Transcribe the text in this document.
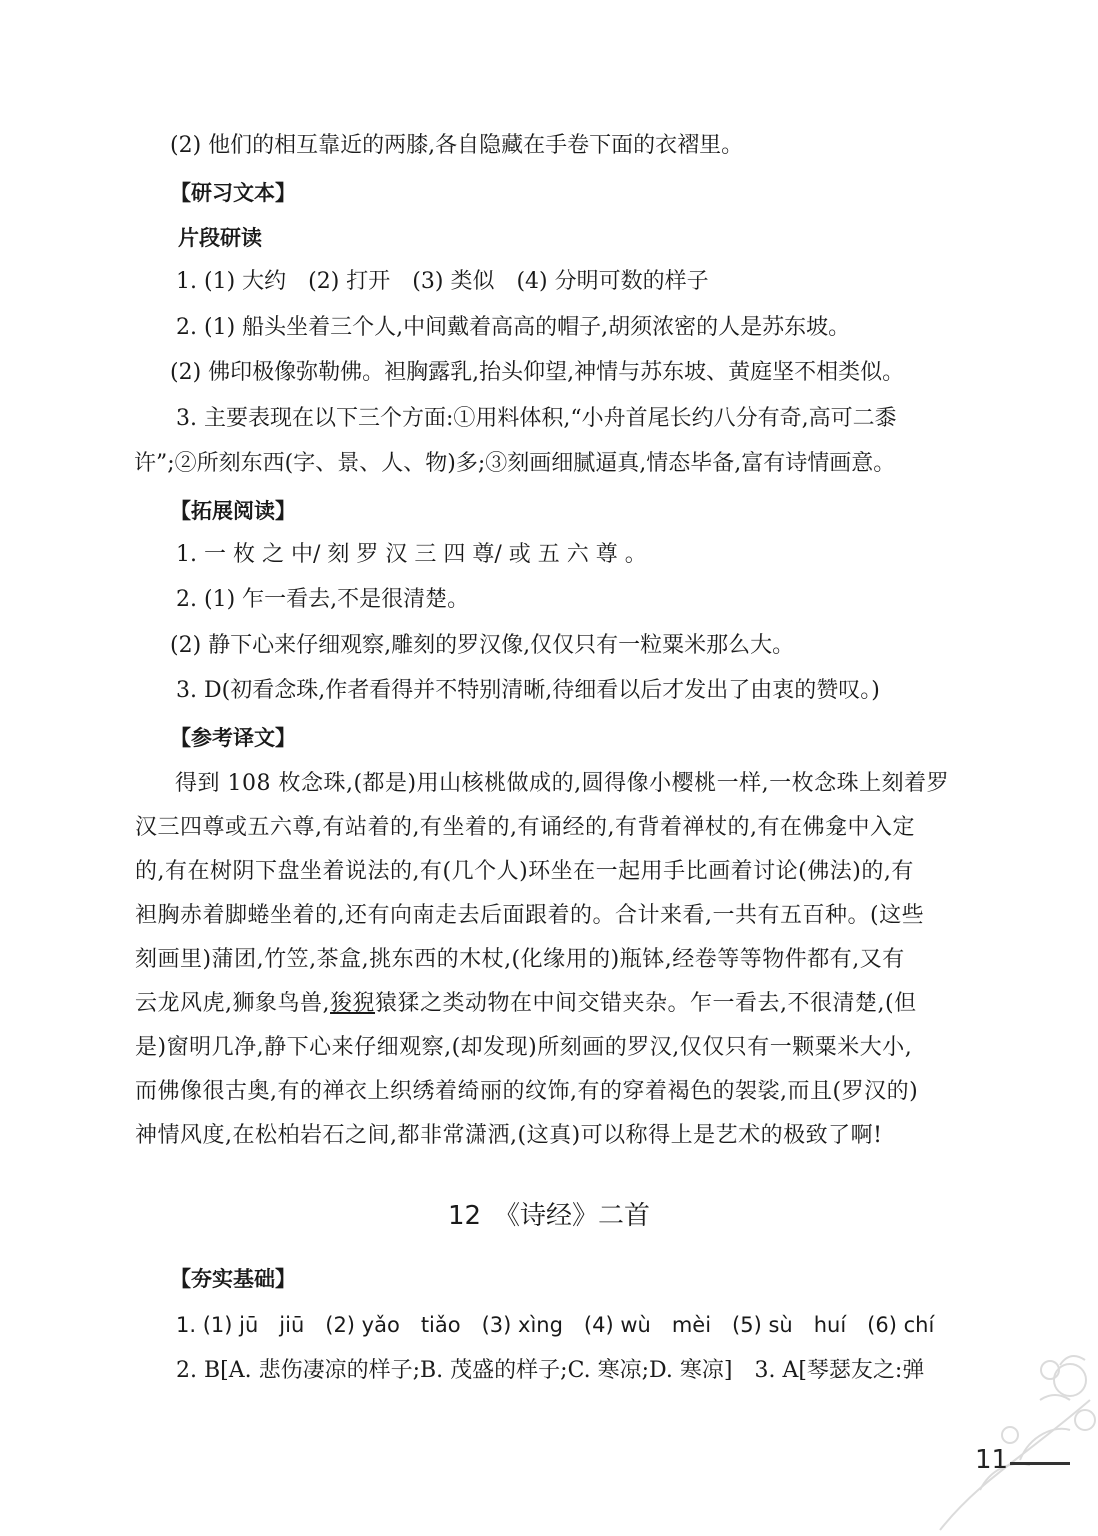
(2) 他们的相互靠近的两膝,各自隐藏在手卷下面的衣褶里。
【研习文本】
片段研读
1. (1) 大约　(2) 打开　(3) 类似　(4) 分明可数的样子
2. (1) 船头坐着三个人,中间戴着高高的帽子,胡须浓密的人是苏东坡。
(2) 佛印极像弥勒佛。袒胸露乳,抬头仰望,神情与苏东坡、黄庭坚不相类似。
3. 主要表现在以下三个方面:①用料体积,“小舟首尾长约八分有奇,高可二黍
许”;②所刻东西(字、景、人、物)多;③刻画细腻逼真,情态毕备,富有诗情画意。
【拓展阅读】
1. 一 枚 之 中/ 刻 罗 汉 三 四 尊/ 或 五 六 尊 。
2. (1) 乍一看去,不是很清楚。
(2) 静下心来仔细观察,雕刻的罗汉像,仅仅只有一粒粟米那么大。
3. D(初看念珠,作者看得并不特别清晰,待细看以后才发出了由衷的赞叹。)
【参考译文】
得到 108 枚念珠,(都是)用山核桃做成的,圆得像小樱桃一样,一枚念珠上刻着罗
汉三四尊或五六尊,有站着的,有坐着的,有诵经的,有背着禅杖的,有在佛龛中入定
的,有在树阴下盘坐着说法的,有(几个人)环坐在一起用手比画着讨论(佛法)的,有
袒胸赤着脚蜷坐着的,还有向南走去后面跟着的。合计来看,一共有五百种。(这些
刻画里)蒲团,竹笠,茶盒,挑东西的木杖,(化缘用的)瓶钵,经卷等等物件都有,又有
云龙风虎,狮象鸟兽,狻猊猿猱之类动物在中间交错夹杂。乍一看去,不很清楚,(但
是)窗明几净,静下心来仔细观察,(却发现)所刻画的罗汉,仅仅只有一颗粟米大小,
而佛像很古奥,有的禅衣上织绣着绮丽的纹饰,有的穿着褐色的袈裟,而且(罗汉的)
神情风度,在松柏岩石之间,都非常潇洒,(这真)可以称得上是艺术的极致了啊!
12　《诗经》二首
【夯实基础】
1. (1) jū　jiū　(2) yǎo　tiǎo　(3) xìng　(4) wù　mèi　(5) sù　huí　(6) chí
2. B[A. 悲伤凄凉的样子;B. 茂盛的样子;C. 寒凉;D. 寒凉]　3. A[琴瑟友之:弹
11
